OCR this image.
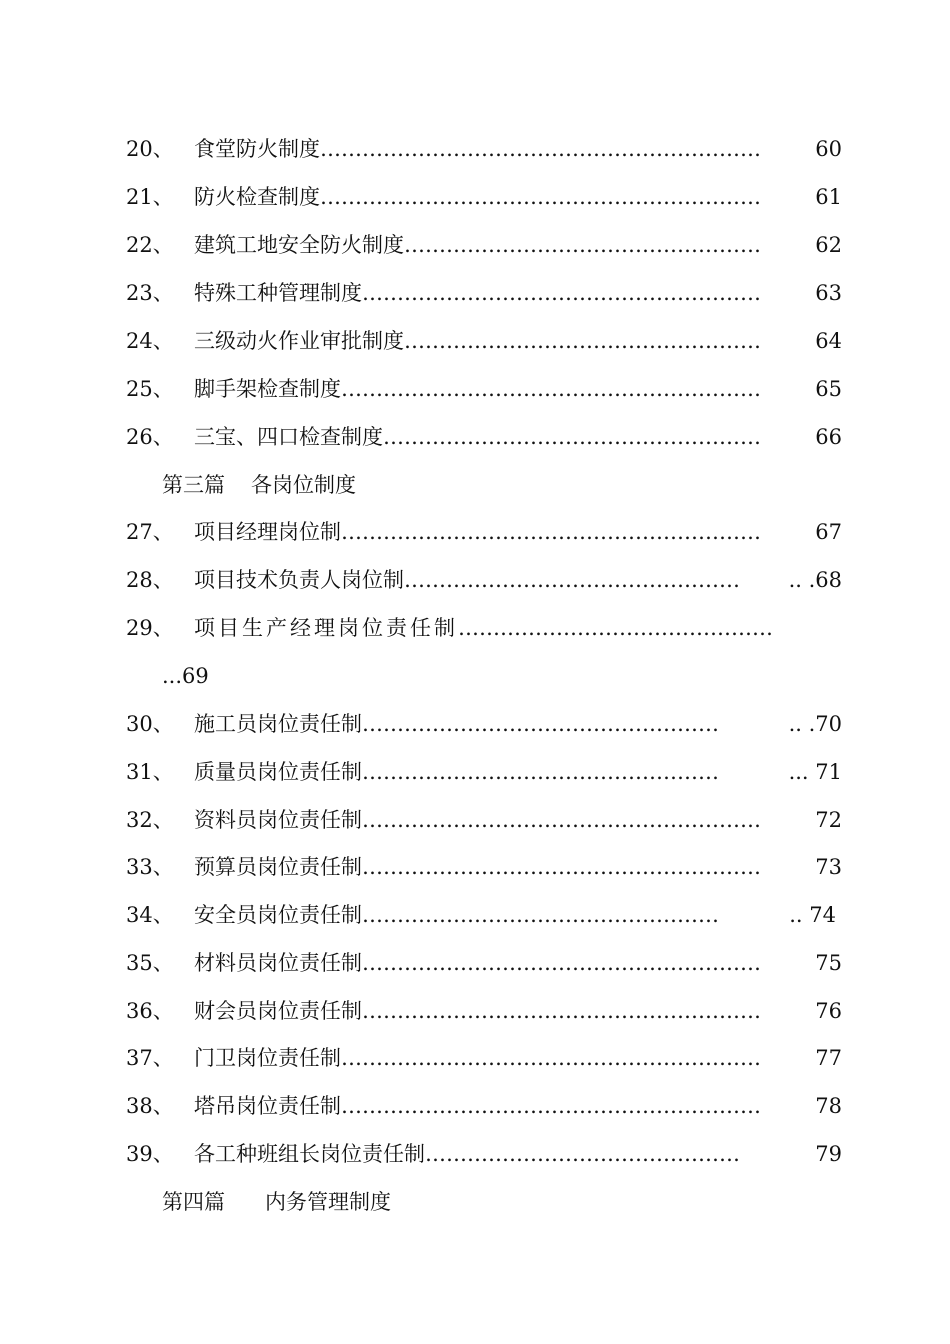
20、 食堂防火制度 ………………………………………………………	60
21、 防火检查制度 ………………………………………………………	61
22、 建筑工地安全防火制度 ……………………………………………	62
23、 特殊工种管理制度 …………………………………………………	63
24、 三级动火作业审批制度 ……………………………………………	64
25、 脚手架检查制度 ……………………………………………………	65
26、 三宝、四口检查制度 ………………………………………………	66
第三篇 各岗位制度
27、 项目经理岗位制 ……………………………………………………	67
28、 项目技术负责人岗位制 …………………………………………	.. .68
29、 项目生产经理岗位责任制 ………………………………………
...69
30、 施工员岗位责任制 ……………………………………………	.. .70
31、 质量员岗位责任制 ……………………………………………	... 71
32、 资料员岗位责任制 …………………………………………………	72
33、 预算员岗位责任制 …………………………………………………	73
34、 安全员岗位责任制 ……………………………………………	.. 74
35、 材料员岗位责任制 …………………………………………………	75
36、 财会员岗位责任制 …………………………………………………	76
37、 门卫岗位责任制 ……………………………………………………	77
38、 塔吊岗位责任制 ……………………………………………………	78
39、 各工种班组长岗位责任制 ………………………………………	79
第四篇 内务管理制度
